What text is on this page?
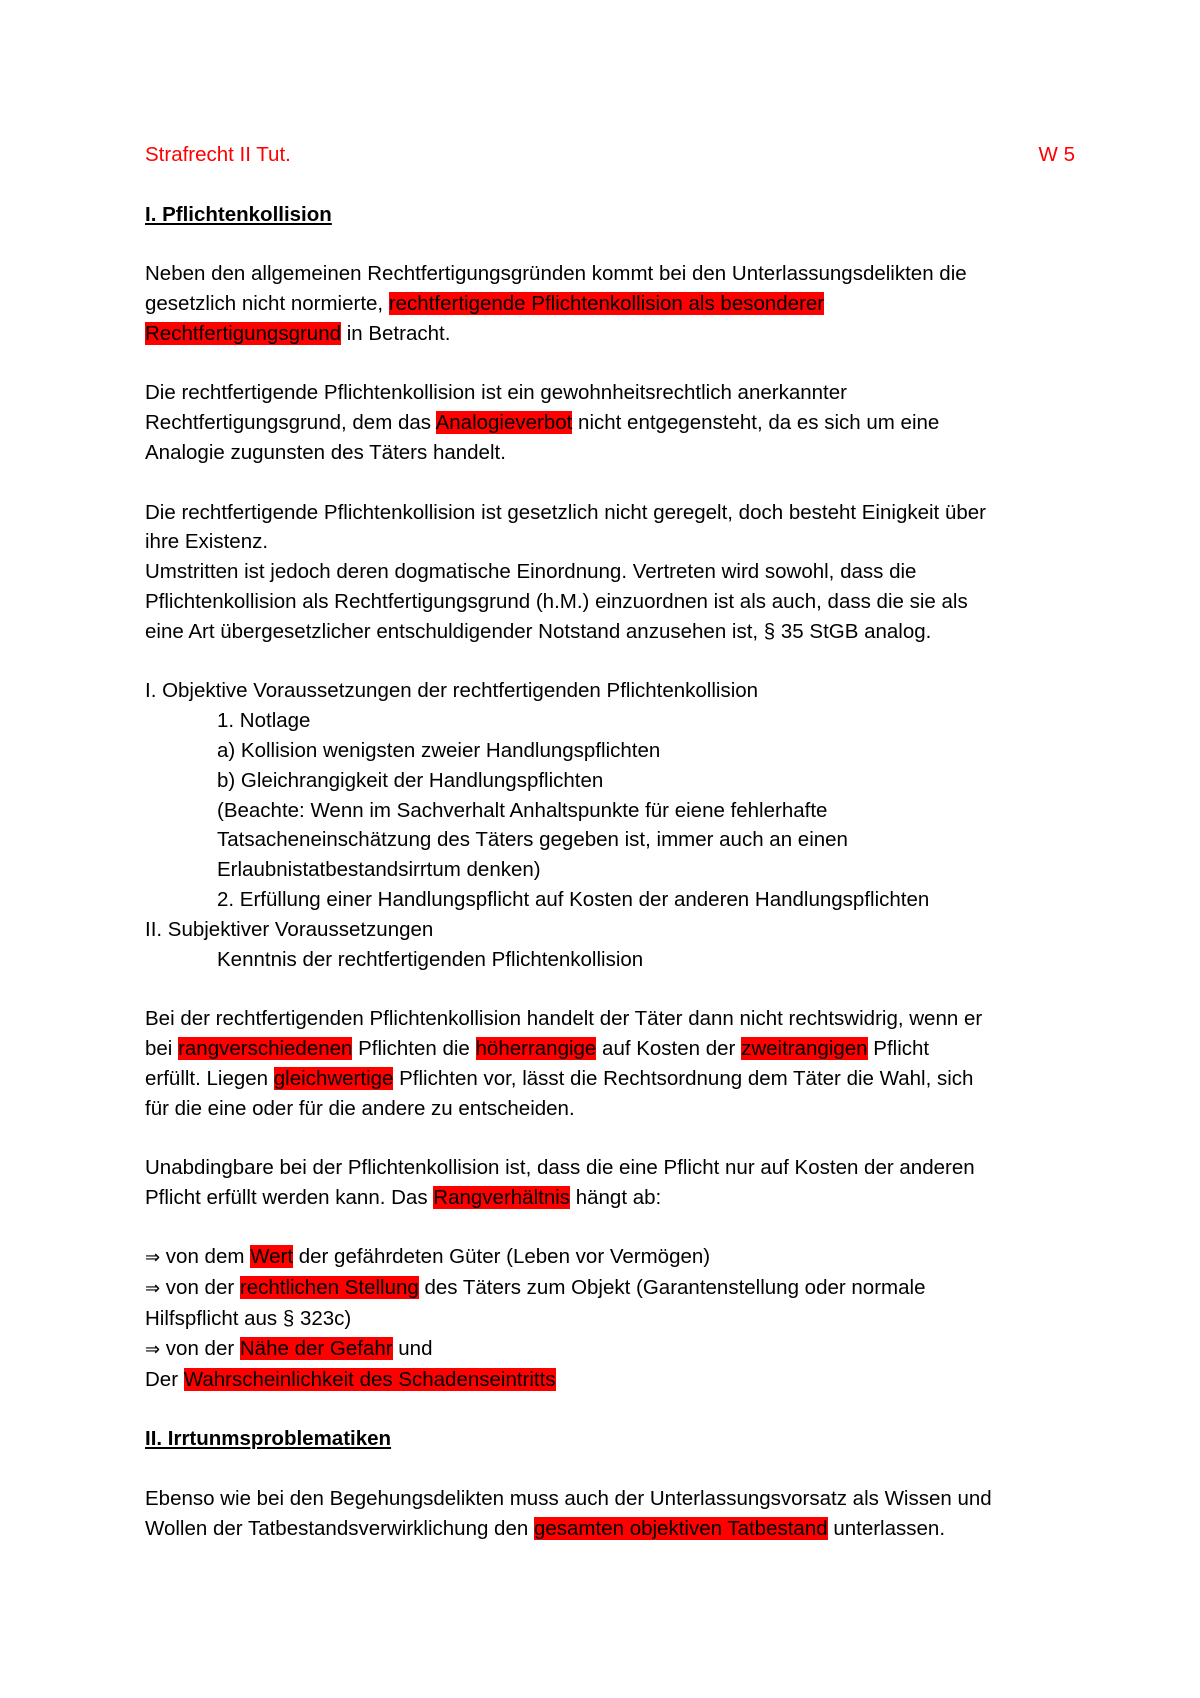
Strafrecht II Tut.	W 5
I. Pflichtenkollision
Neben den allgemeinen Rechtfertigungsgründen kommt bei den Unterlassungsdelikten die
gesetzlich nicht normierte, rechtfertigende Pflichtenkollision als besonderer
Rechtfertigungsgrund in Betracht.
Die rechtfertigende Pflichtenkollision ist ein gewohnheitsrechtlich anerkannter
Rechtfertigungsgrund, dem das Analogieverbot nicht entgegensteht, da es sich um eine
Analogie zugunsten des Täters handelt.
Die rechtfertigende Pflichtenkollision ist gesetzlich nicht geregelt, doch besteht Einigkeit über
ihre Existenz.
Umstritten ist jedoch deren dogmatische Einordnung. Vertreten wird sowohl, dass die
Pflichtenkollision als Rechtfertigungsgrund (h.M.) einzuordnen ist als auch, dass die sie als
eine Art übergesetzlicher entschuldigender Notstand anzusehen ist, § 35 StGB analog.
I. Objektive Voraussetzungen der rechtfertigenden Pflichtenkollision
1. Notlage
a) Kollision wenigsten zweier Handlungspflichten
b) Gleichrangigkeit der Handlungspflichten
(Beachte: Wenn im Sachverhalt Anhaltspunkte für eiene fehlerhafte
Tatsacheneinschätzung des Täters gegeben ist, immer auch an einen
Erlaubnistatbestandsirrtum denken)
2. Erfüllung einer Handlungspflicht auf Kosten der anderen Handlungspflichten
II. Subjektiver Voraussetzungen
Kenntnis der rechtfertigenden Pflichtenkollision
Bei der rechtfertigenden Pflichtenkollision handelt der Täter dann nicht rechtswidrig, wenn er
bei rangverschiedenen Pflichten die höherrangige auf Kosten der zweitrangigen Pflicht
erfüllt. Liegen gleichwertige Pflichten vor, lässt die Rechtsordnung dem Täter die Wahl, sich
für die eine oder für die andere zu entscheiden.
Unabdingbare bei der Pflichtenkollision ist, dass die eine Pflicht nur auf Kosten der anderen
Pflicht erfüllt werden kann. Das Rangverhältnis hängt ab:
⇒ von dem Wert der gefährdeten Güter (Leben vor Vermögen)
⇒ von der rechtlichen Stellung des Täters zum Objekt (Garantenstellung oder normale
Hilfspflicht aus § 323c)
⇒ von der Nähe der Gefahr und
Der Wahrscheinlichkeit des Schadenseintritts
II. Irrtunmsproblematiken
Ebenso wie bei den Begehungsdelikten muss auch der Unterlassungsvorsatz als Wissen und
Wollen der Tatbestandsverwirklichung den gesamten objektiven Tatbestand unterlassen.
